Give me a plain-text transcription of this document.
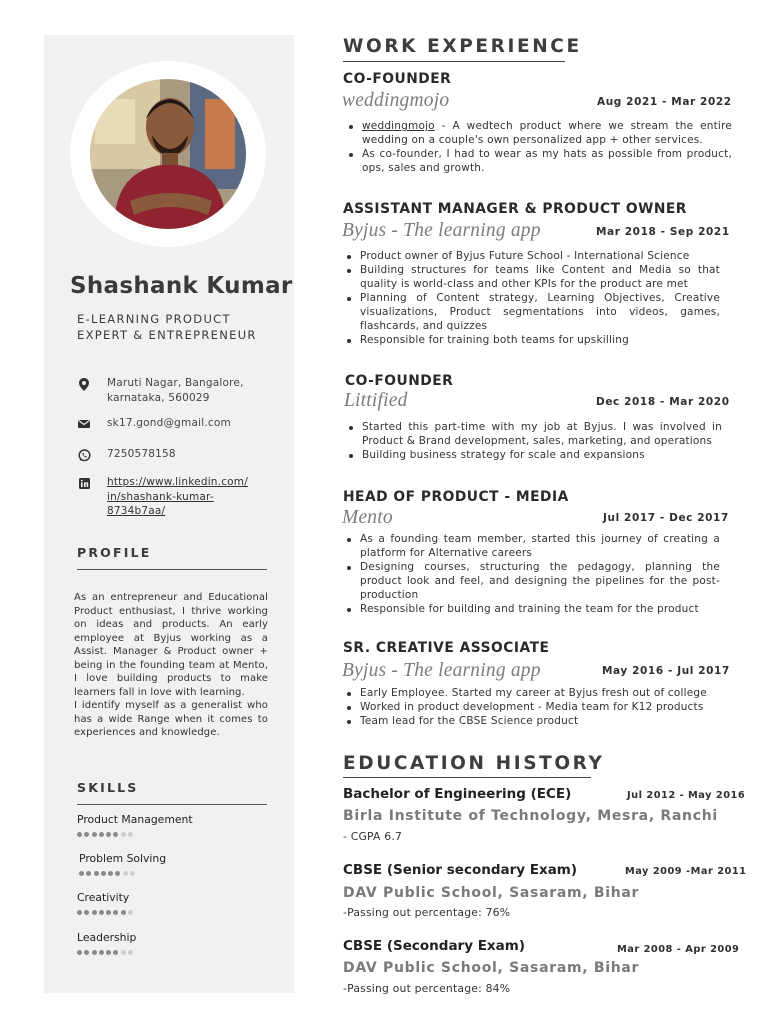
Shashank Kumar
E-LEARNING PRODUCT
EXPERT & ENTREPRENEUR
Maruti Nagar, Bangalore,
karnataka, 560029
sk17.gond@gmail.com
7250578158
https://www.linkedin.com/
in/shashank-kumar-
8734b7aa/
PROFILE

As an entrepreneur and Educational Product enthusiast, I thrive working on ideas and products. An early employee at Byjus working as a Assist. Manager & Product owner + being in the founding team at Mento, I love building products to make learners fall in love with learning.

I identify myself as a generalist who has a wide Range when it comes to experiences and knowledge.

SKILLS
Product Management
Problem Solving
Creativity
Leadership
WORK EXPERIENCE
CO-FOUNDER
weddingmojo	Aug 2021 - Mar 2022
weddingmojo - A wedtech product where we stream the entire wedding on a couple's own personalized app + other services.
As co-founder, I had to wear as my hats as possible from product, ops, sales and growth.
ASSISTANT MANAGER & PRODUCT OWNER
Byjus - The learning app	Mar 2018 - Sep 2021
Product owner of Byjus Future School - International Science
Building structures for teams like Content and Media so that quality is world-class and other KPIs for the product are met
Planning of Content strategy, Learning Objectives, Creative visualizations, Product segmentations into videos, games, flashcards, and quizzes
Responsible for training both teams for upskilling
CO-FOUNDER
Littified	Dec 2018 - Mar 2020
Started this part-time with my job at Byjus. I was involved in Product & Brand development, sales, marketing, and operations
Building business strategy for scale and expansions
HEAD OF PRODUCT - MEDIA
Mento	Jul 2017 - Dec 2017
As a founding team member, started this journey of creating a platform for Alternative careers
Designing courses, structuring the pedagogy, planning the product look and feel, and designing the pipelines for the post-production
Responsible for building and training the team for the product
SR. CREATIVE ASSOCIATE
Byjus - The learning app	May 2016 - Jul 2017
Early Employee. Started my career at Byjus fresh out of college
Worked in product development - Media team for K12 products
Team lead for the CBSE Science product
EDUCATION HISTORY
Bachelor of Engineering (ECE)	Jul 2012 - May 2016
Birla Institute of Technology, Mesra, Ranchi
- CGPA 6.7
CBSE (Senior secondary Exam)	May 2009 -Mar 2011
DAV Public School, Sasaram, Bihar
-Passing out percentage: 76%
CBSE (Secondary Exam)	Mar 2008 - Apr 2009
DAV Public School, Sasaram, Bihar
-Passing out percentage: 84%
